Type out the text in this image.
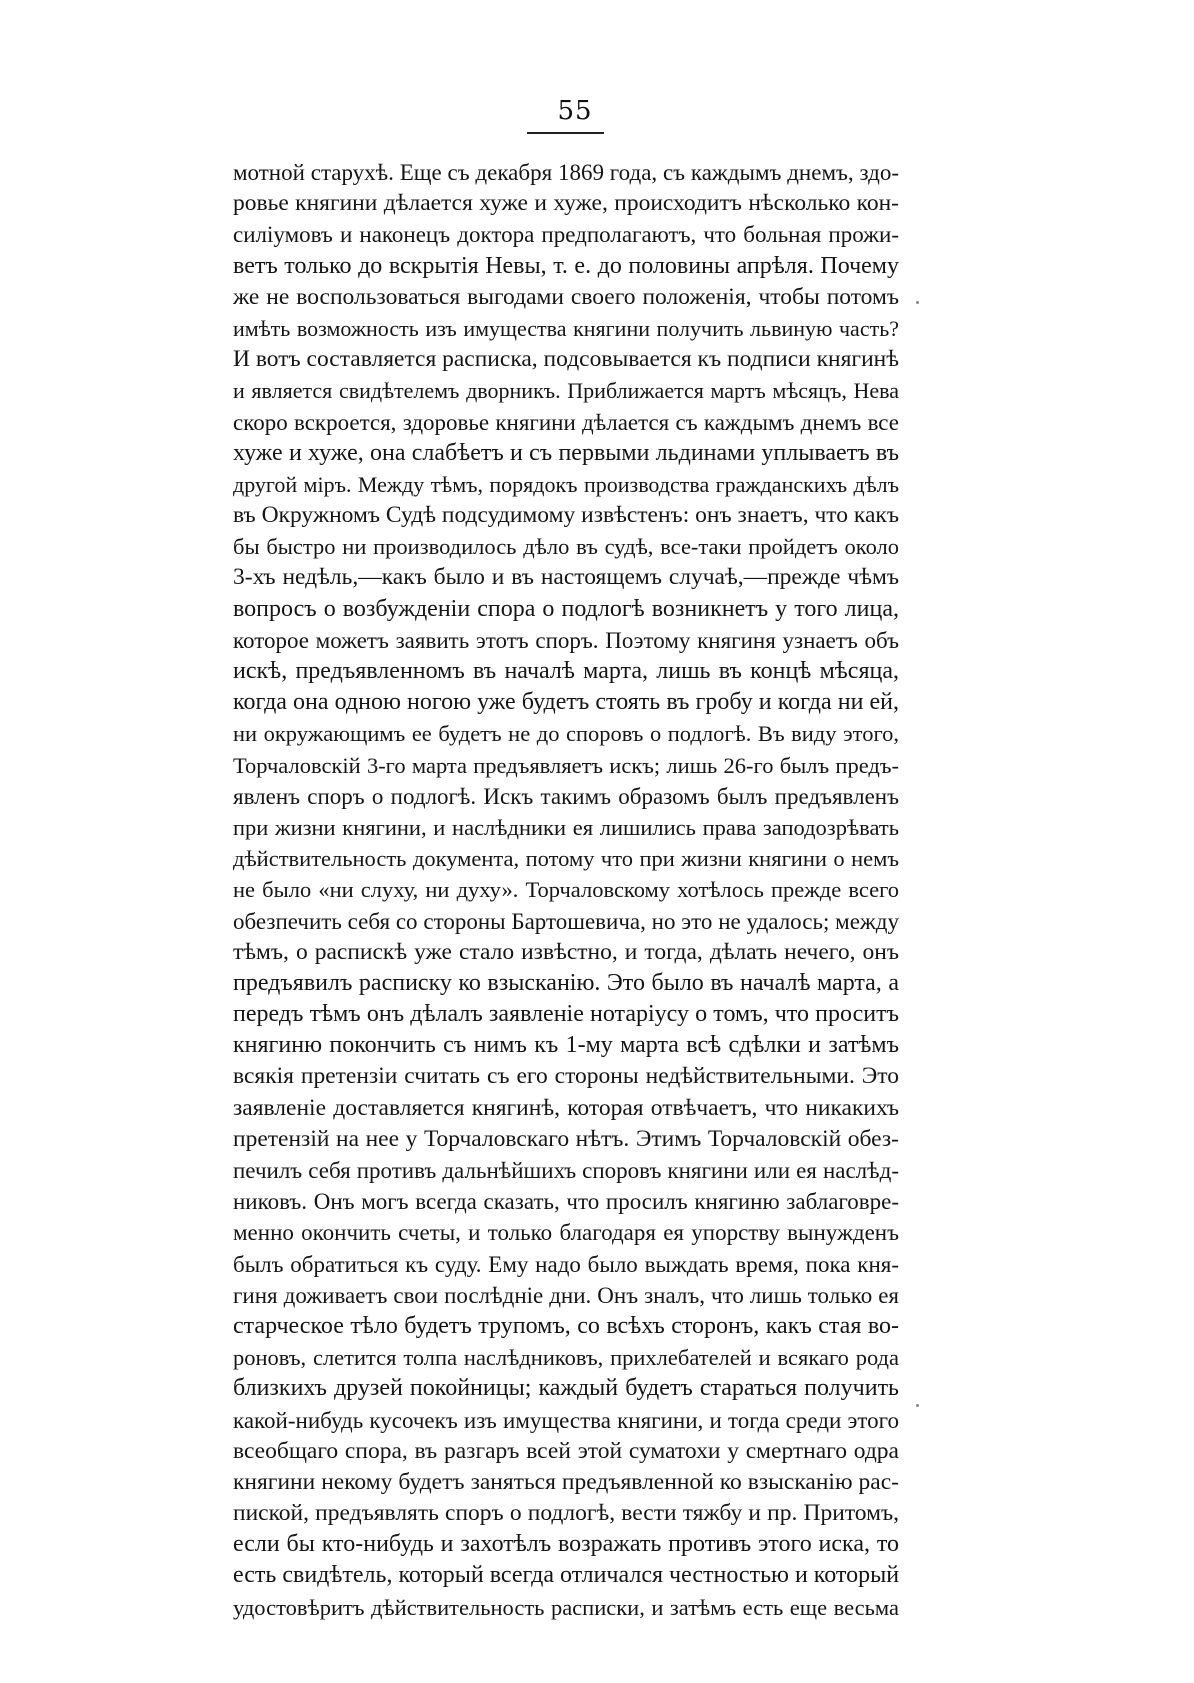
55
мотной старухѣ. Еще съ декабря 1869 года, съ каждымъ днемъ, здо-
ровье княгини дѣлается хуже и хуже, происходитъ нѣсколько кон-
силіумовъ и наконецъ доктора предполагаютъ, что больная прожи-
ветъ только до вскрытія Невы, т. е. до половины апрѣля. Почему
же не воспользоваться выгодами своего положенія, чтобы потомъ
имѣть возможность изъ имущества княгини получить львиную часть?
И вотъ составляется расписка, подсовывается къ подписи княгинѣ
и является свидѣтелемъ дворникъ. Приближается мартъ мѣсяцъ, Нева
скоро вскроется, здоровье княгини дѣлается съ каждымъ днемъ все
хуже и хуже, она слабѣетъ и съ первыми льдинами уплываетъ въ
другой міръ. Между тѣмъ, порядокъ производства гражданскихъ дѣлъ
въ Окружномъ Судѣ подсудимому извѣстенъ: онъ знаетъ, что какъ
бы быстро ни производилось дѣло въ судѣ, все-таки пройдетъ около
3-хъ недѣль,—какъ было и въ настоящемъ случаѣ,—прежде чѣмъ
вопросъ о возбужденіи спора о подлогѣ возникнетъ у того лица,
которое можетъ заявить этотъ споръ. Поэтому княгиня узнаетъ объ
искѣ, предъявленномъ въ началѣ марта, лишь въ концѣ мѣсяца,
когда она одною ногою уже будетъ стоять въ гробу и когда ни ей,
ни окружающимъ ее будетъ не до споровъ о подлогѣ. Въ виду этого,
Торчаловскій 3-го марта предъявляетъ искъ; лишь 26-го былъ предъ-
явленъ споръ о подлогѣ. Искъ такимъ образомъ былъ предъявленъ
при жизни княгини, и наслѣдники ея лишились права заподозрѣвать
дѣйствительность документа, потому что при жизни княгини о немъ
не было «ни слуху, ни духу». Торчаловскому хотѣлось прежде всего
обезпечить себя со стороны Бартошевича, но это не удалось; между
тѣмъ, о распискѣ уже стало извѣстно, и тогда, дѣлать нечего, онъ
предъявилъ расписку ко взысканію. Это было въ началѣ марта, а
передъ тѣмъ онъ дѣлалъ заявленіе нотаріусу о томъ, что проситъ
княгиню покончить съ нимъ къ 1-му марта всѣ сдѣлки и затѣмъ
всякія претензіи считать съ его стороны недѣйствительными. Это
заявленіе доставляется княгинѣ, которая отвѣчаетъ, что никакихъ
претензій на нее у Торчаловскаго нѣтъ. Этимъ Торчаловскій обез-
печилъ себя противъ дальнѣйшихъ споровъ княгини или ея наслѣд-
никовъ. Онъ могъ всегда сказать, что просилъ княгиню заблаговре-
менно окончить счеты, и только благодаря ея упорству вынужденъ
былъ обратиться къ суду. Ему надо было выждать время, пока кня-
гиня доживаетъ свои послѣдніе дни. Онъ зналъ, что лишь только ея
старческое тѣло будетъ трупомъ, со всѣхъ сторонъ, какъ стая во-
роновъ, слетится толпа наслѣдниковъ, прихлебателей и всякаго рода
близкихъ друзей покойницы; каждый будетъ стараться получить
какой-нибудь кусочекъ изъ имущества княгини, и тогда среди этого
всеобщаго спора, въ разгаръ всей этой суматохи у смертнаго одра
княгини некому будетъ заняться предъявленной ко взысканію рас-
пиской, предъявлять споръ о подлогѣ, вести тяжбу и пр. Притомъ,
если бы кто-нибудь и захотѣлъ возражать противъ этого иска, то
есть свидѣтель, который всегда отличался честностью и который
удостовѣритъ дѣйствительность расписки, и затѣмъ есть еще весьма
